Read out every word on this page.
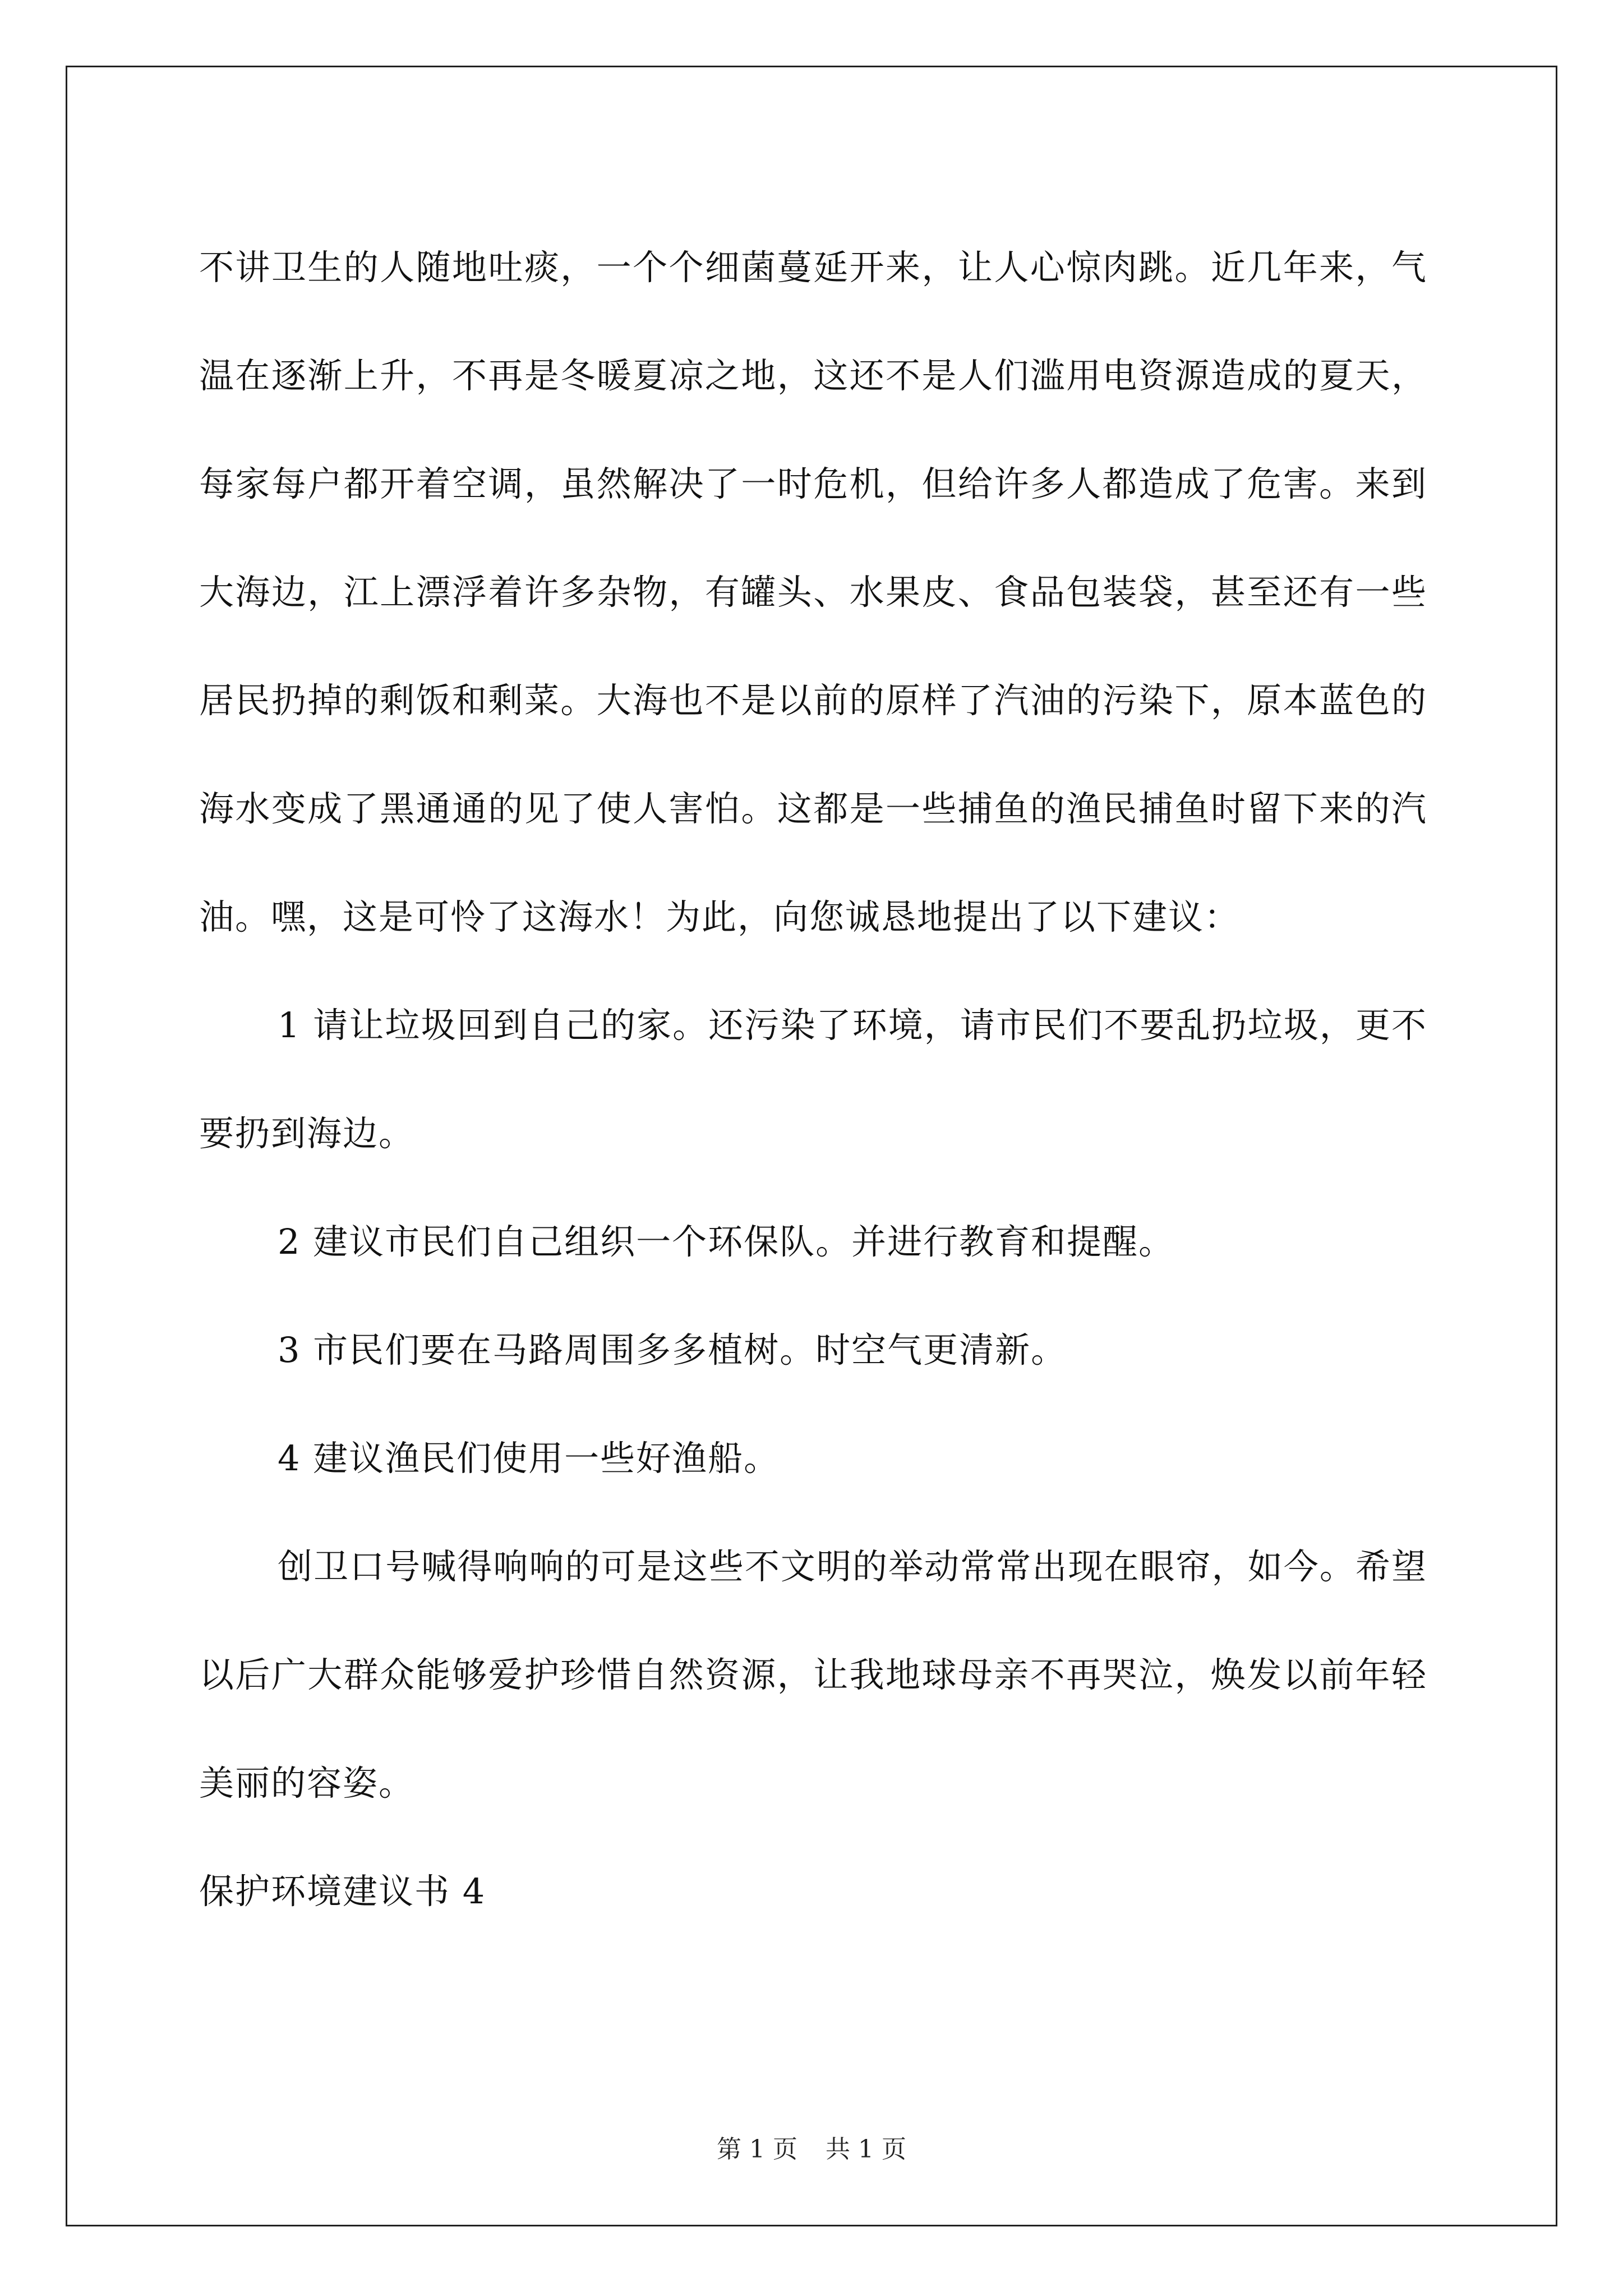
不讲卫生的人随地吐痰，一个个细菌蔓延开来，让人心惊肉跳。近几年来，气温在逐渐上升，不再是冬暖夏凉之地，这还不是人们滥用电资源造成的夏天，每家每户都开着空调，虽然解决了一时危机，但给许多人都造成了危害。来到大海边，江上漂浮着许多杂物，有罐头、水果皮、食品包装袋，甚至还有一些居民扔掉的剩饭和剩菜。大海也不是以前的原样了汽油的污染下，原本蓝色的海水变成了黑通通的见了使人害怕。这都是一些捕鱼的渔民捕鱼时留下来的汽油。嘿，这是可怜了这海水！为此，向您诚恳地提出了以下建议：

1 请让垃圾回到自己的家。还污染了环境，请市民们不要乱扔垃圾，更不要扔到海边。

2 建议市民们自己组织一个环保队。并进行教育和提醒。

3 市民们要在马路周围多多植树。时空气更清新。

4 建议渔民们使用一些好渔船。

创卫口号喊得响响的可是这些不文明的举动常常出现在眼帘，如今。希望以后广大群众能够爱护珍惜自然资源，让我地球母亲不再哭泣，焕发以前年轻美丽的容姿。

保护环境建议书 4

第 1 页 共 1 页
